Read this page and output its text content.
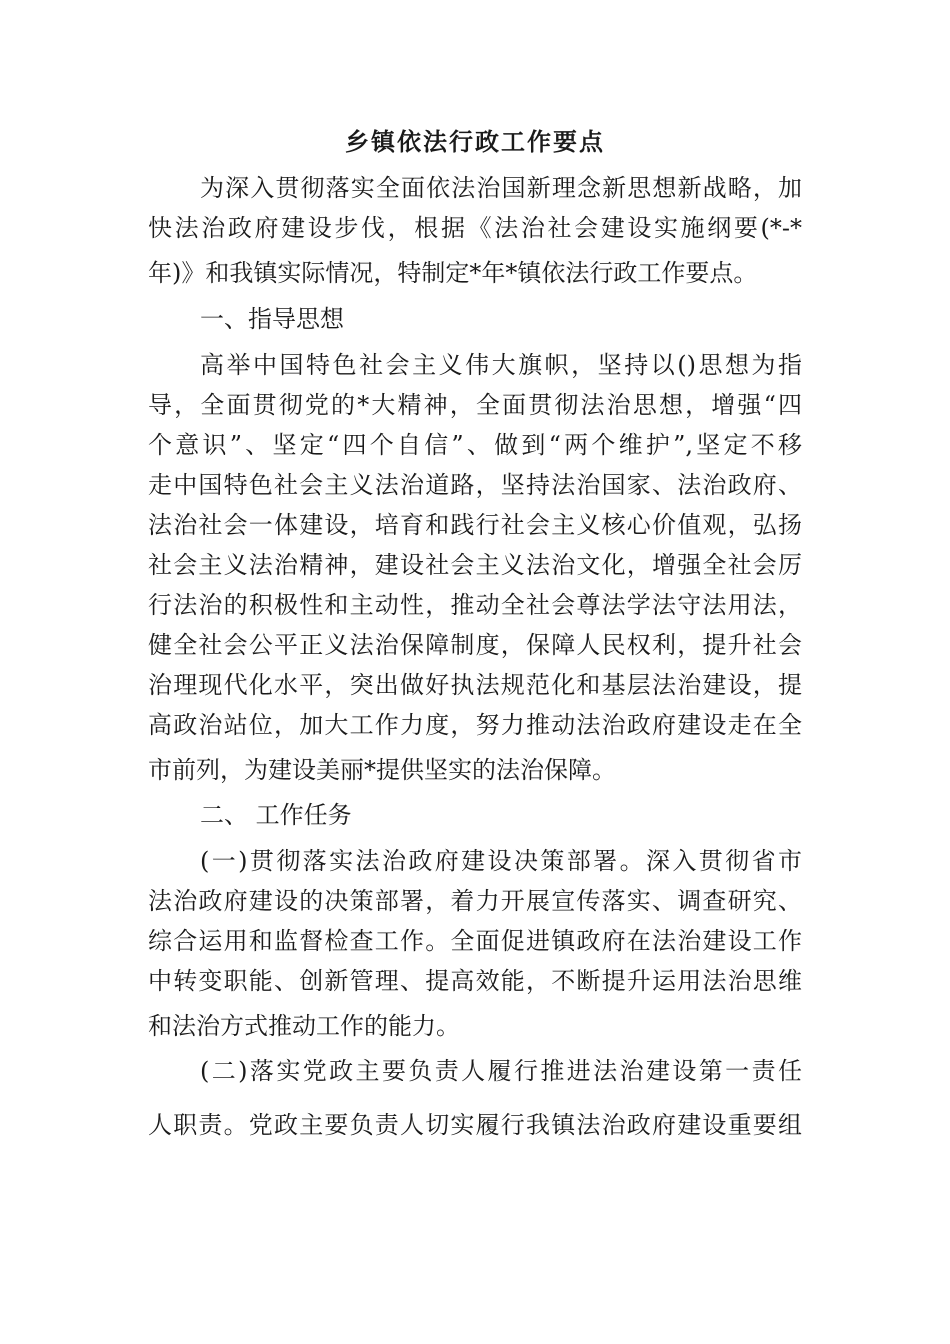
乡镇依法行政工作要点
为深入贯彻落实全面依法治国新理念新思想新战略，加
快法治政府建设步伐，根据《法治社会建设实施纲要(*-*
年)》和我镇实际情况，特制定*年*镇依法行政工作要点。
一、指导思想
高举中国特色社会主义伟大旗帜，坚持以()思想为指
导，全面贯彻党的*大精神，全面贯彻法治思想，增强“四
个意识”、坚定“四个自信”、做到“两个维护”,坚定不移
走中国特色社会主义法治道路，坚持法治国家、法治政府、
法治社会一体建设，培育和践行社会主义核心价值观，弘扬
社会主义法治精神，建设社会主义法治文化，增强全社会厉
行法治的积极性和主动性，推动全社会尊法学法守法用法，
健全社会公平正义法治保障制度，保障人民权利，提升社会
治理现代化水平，突出做好执法规范化和基层法治建设，提
高政治站位，加大工作力度，努力推动法治政府建设走在全
市前列，为建设美丽*提供坚实的法治保障。
二、 工作任务
(一)贯彻落实法治政府建设决策部署。深入贯彻省市
法治政府建设的决策部署，着力开展宣传落实、调查研究、
综合运用和监督检查工作。全面促进镇政府在法治建设工作
中转变职能、创新管理、提高效能，不断提升运用法治思维
和法治方式推动工作的能力。
(二)落实党政主要负责人履行推进法治建设第一责任
人职责。党政主要负责人切实履行我镇法治政府建设重要组
